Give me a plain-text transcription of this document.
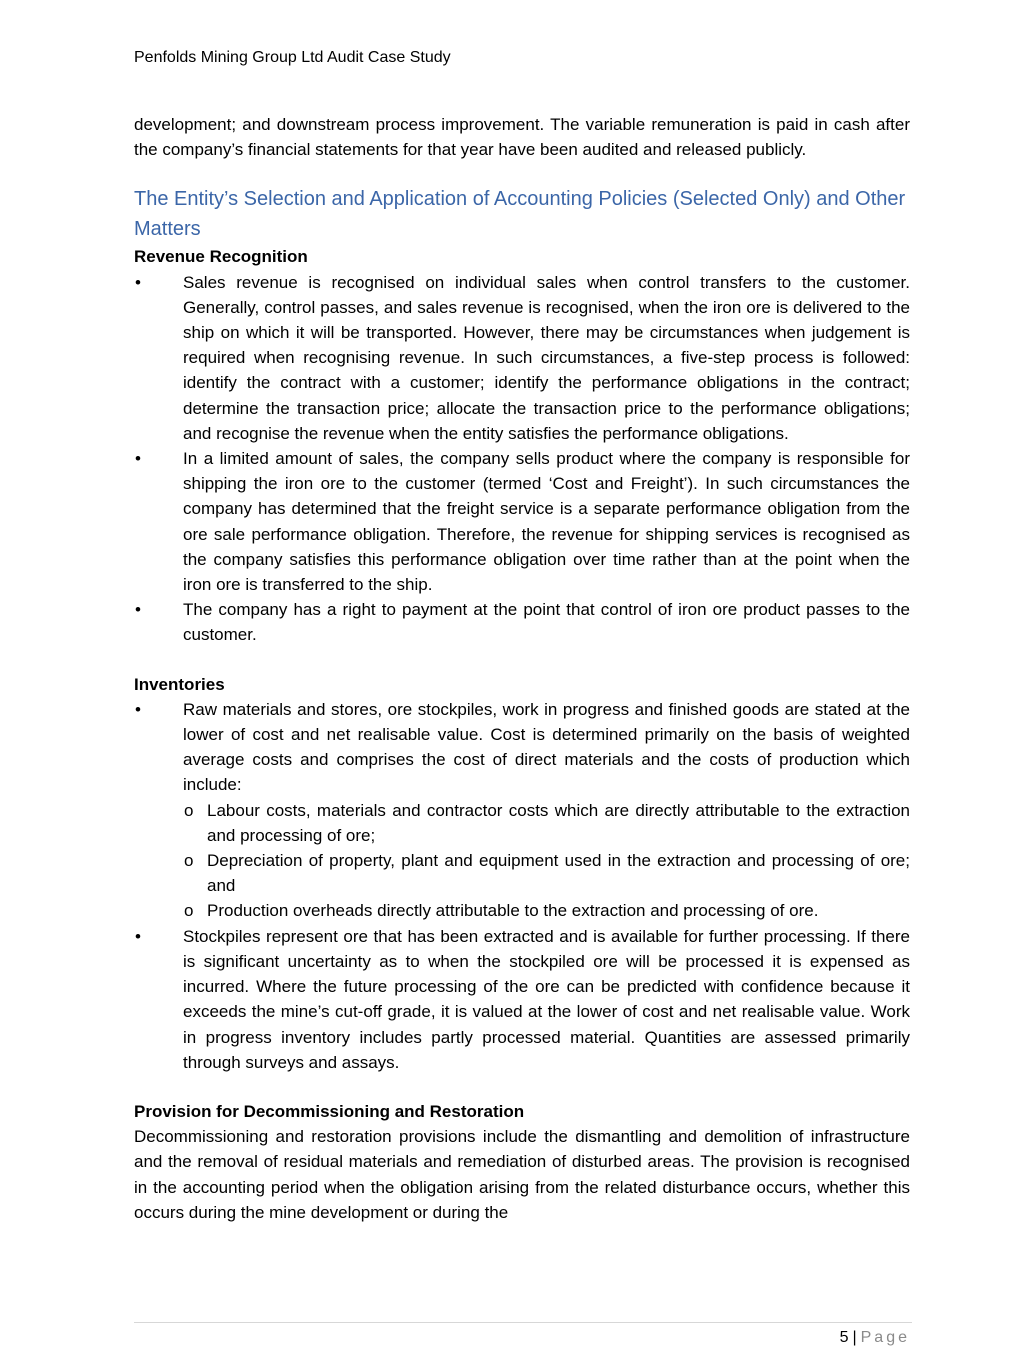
Penfolds Mining Group Ltd Audit Case Study

development; and downstream process improvement. The variable remuneration is paid in cash after the company’s financial statements for that year have been audited and released publicly.

The Entity’s Selection and Application of Accounting Policies (Selected Only) and Other Matters
Revenue Recognition
• Sales revenue is recognised on individual sales when control transfers to the customer. Generally, control passes, and sales revenue is recognised, when the iron ore is delivered to the ship on which it will be transported. However, there may be circumstances when judgement is required when recognising revenue. In such circumstances, a five-step process is followed: identify the contract with a customer; identify the performance obligations in the contract; determine the transaction price; allocate the transaction price to the performance obligations; and recognise the revenue when the entity satisfies the performance obligations.
• In a limited amount of sales, the company sells product where the company is responsible for shipping the iron ore to the customer (termed ‘Cost and Freight’). In such circumstances the company has determined that the freight service is a separate performance obligation from the ore sale performance obligation. Therefore, the revenue for shipping services is recognised as the company satisfies this performance obligation over time rather than at the point when the iron ore is transferred to the ship.
• The company has a right to payment at the point that control of iron ore product passes to the customer.
Inventories
• Raw materials and stores, ore stockpiles, work in progress and finished goods are stated at the lower of cost and net realisable value. Cost is determined primarily on the basis of weighted average costs and comprises the cost of direct materials and the costs of production which include:
o Labour costs, materials and contractor costs which are directly attributable to the extraction and processing of ore;
o Depreciation of property, plant and equipment used in the extraction and processing of ore; and
o Production overheads directly attributable to the extraction and processing of ore.
• Stockpiles represent ore that has been extracted and is available for further processing. If there is significant uncertainty as to when the stockpiled ore will be processed it is expensed as incurred. Where the future processing of the ore can be predicted with confidence because it exceeds the mine’s cut-off grade, it is valued at the lower of cost and net realisable value. Work in progress inventory includes partly processed material. Quantities are assessed primarily through surveys and assays.
Provision for Decommissioning and Restoration

Decommissioning and restoration provisions include the dismantling and demolition of infrastructure and the removal of residual materials and remediation of disturbed areas. The provision is recognised in the accounting period when the obligation arising from the related disturbance occurs, whether this occurs during the mine development or during the

5 | Page
